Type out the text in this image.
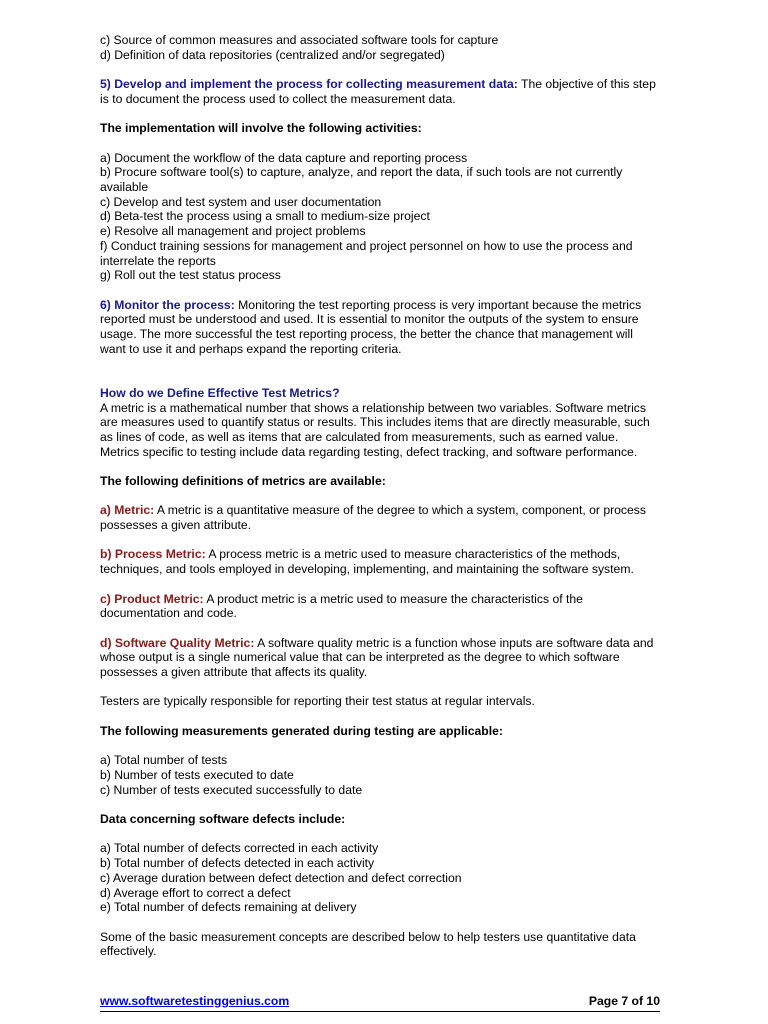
c) Source of common measures and associated software tools for capture

d) Definition of data repositories (centralized and/or segregated)

5) Develop and implement the process for collecting measurement data: The objective of this step is to document the process used to collect the measurement data.

The implementation will involve the following activities:

a) Document the workflow of the data capture and reporting process

b) Procure software tool(s) to capture, analyze, and report the data, if such tools are not currently available

c) Develop and test system and user documentation

d) Beta-test the process using a small to medium-size project

e) Resolve all management and project problems

f) Conduct training sessions for management and project personnel on how to use the process and interrelate the reports

g) Roll out the test status process

6) Monitor the process: Monitoring the test reporting process is very important because the metrics reported must be understood and used. It is essential to monitor the outputs of the system to ensure usage. The more successful the test reporting process, the better the chance that management will want to use it and perhaps expand the reporting criteria.

How do we Define Effective Test Metrics?

A metric is a mathematical number that shows a relationship between two variables. Software metrics are measures used to quantify status or results. This includes items that are directly measurable, such as lines of code, as well as items that are calculated from measurements, such as earned value. Metrics specific to testing include data regarding testing, defect tracking, and software performance.

The following definitions of metrics are available:

a) Metric: A metric is a quantitative measure of the degree to which a system, component, or process possesses a given attribute.

b) Process Metric: A process metric is a metric used to measure characteristics of the methods, techniques, and tools employed in developing, implementing, and maintaining the software system.

c) Product Metric: A product metric is a metric used to measure the characteristics of the documentation and code.

d) Software Quality Metric: A software quality metric is a function whose inputs are software data and whose output is a single numerical value that can be interpreted as the degree to which software possesses a given attribute that affects its quality.

Testers are typically responsible for reporting their test status at regular intervals.

The following measurements generated during testing are applicable:

a) Total number of tests

b) Number of tests executed to date

c) Number of tests executed successfully to date

Data concerning software defects include:

a) Total number of defects corrected in each activity

b) Total number of defects detected in each activity

c) Average duration between defect detection and defect correction

d) Average effort to correct a defect

e) Total number of defects remaining at delivery

Some of the basic measurement concepts are described below to help testers use quantitative data effectively.

www.softwaretestinggenius.com	Page 7 of 10
